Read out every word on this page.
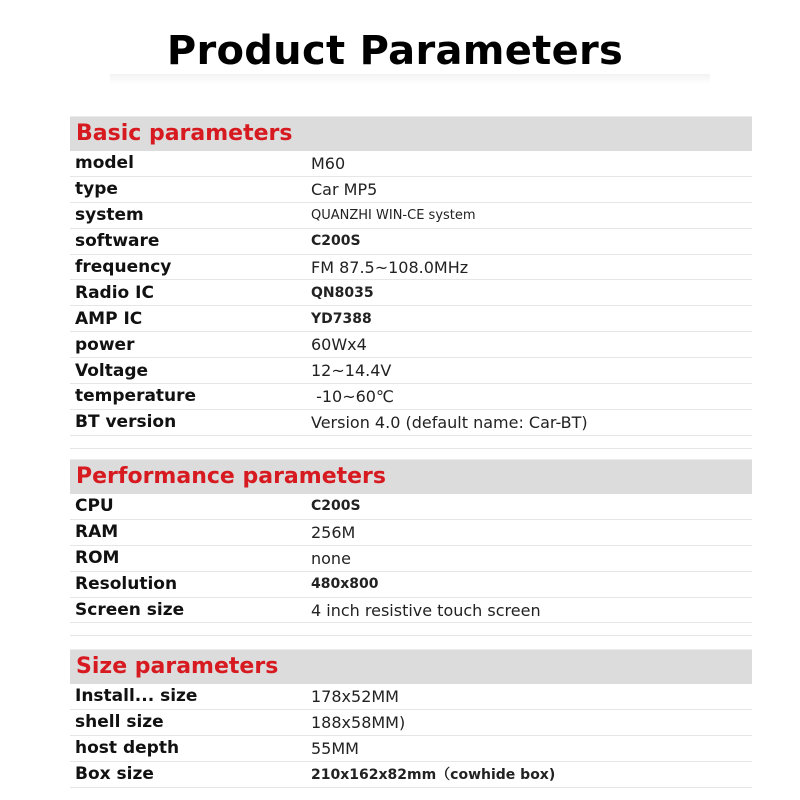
Product Parameters
Basic parameters
model	M60
type	Car MP5
system	QUANZHI WIN-CE system
software	C200S
frequency	FM 87.5~108.0MHz
Radio IC	QN8035
AMP IC	YD7388
power	60Wx4
Voltage	12~14.4V
temperature	-10~60℃
BT version	Version 4.0 (default name: Car-BT)
Performance parameters
CPU	C200S
RAM	256M
ROM	none
Resolution	480x800
Screen size	4 inch resistive touch screen
Size parameters
Install... size	178x52MM
shell size	188x58MM)
host depth	55MM
Box size	210x162x82mm（cowhide box)
